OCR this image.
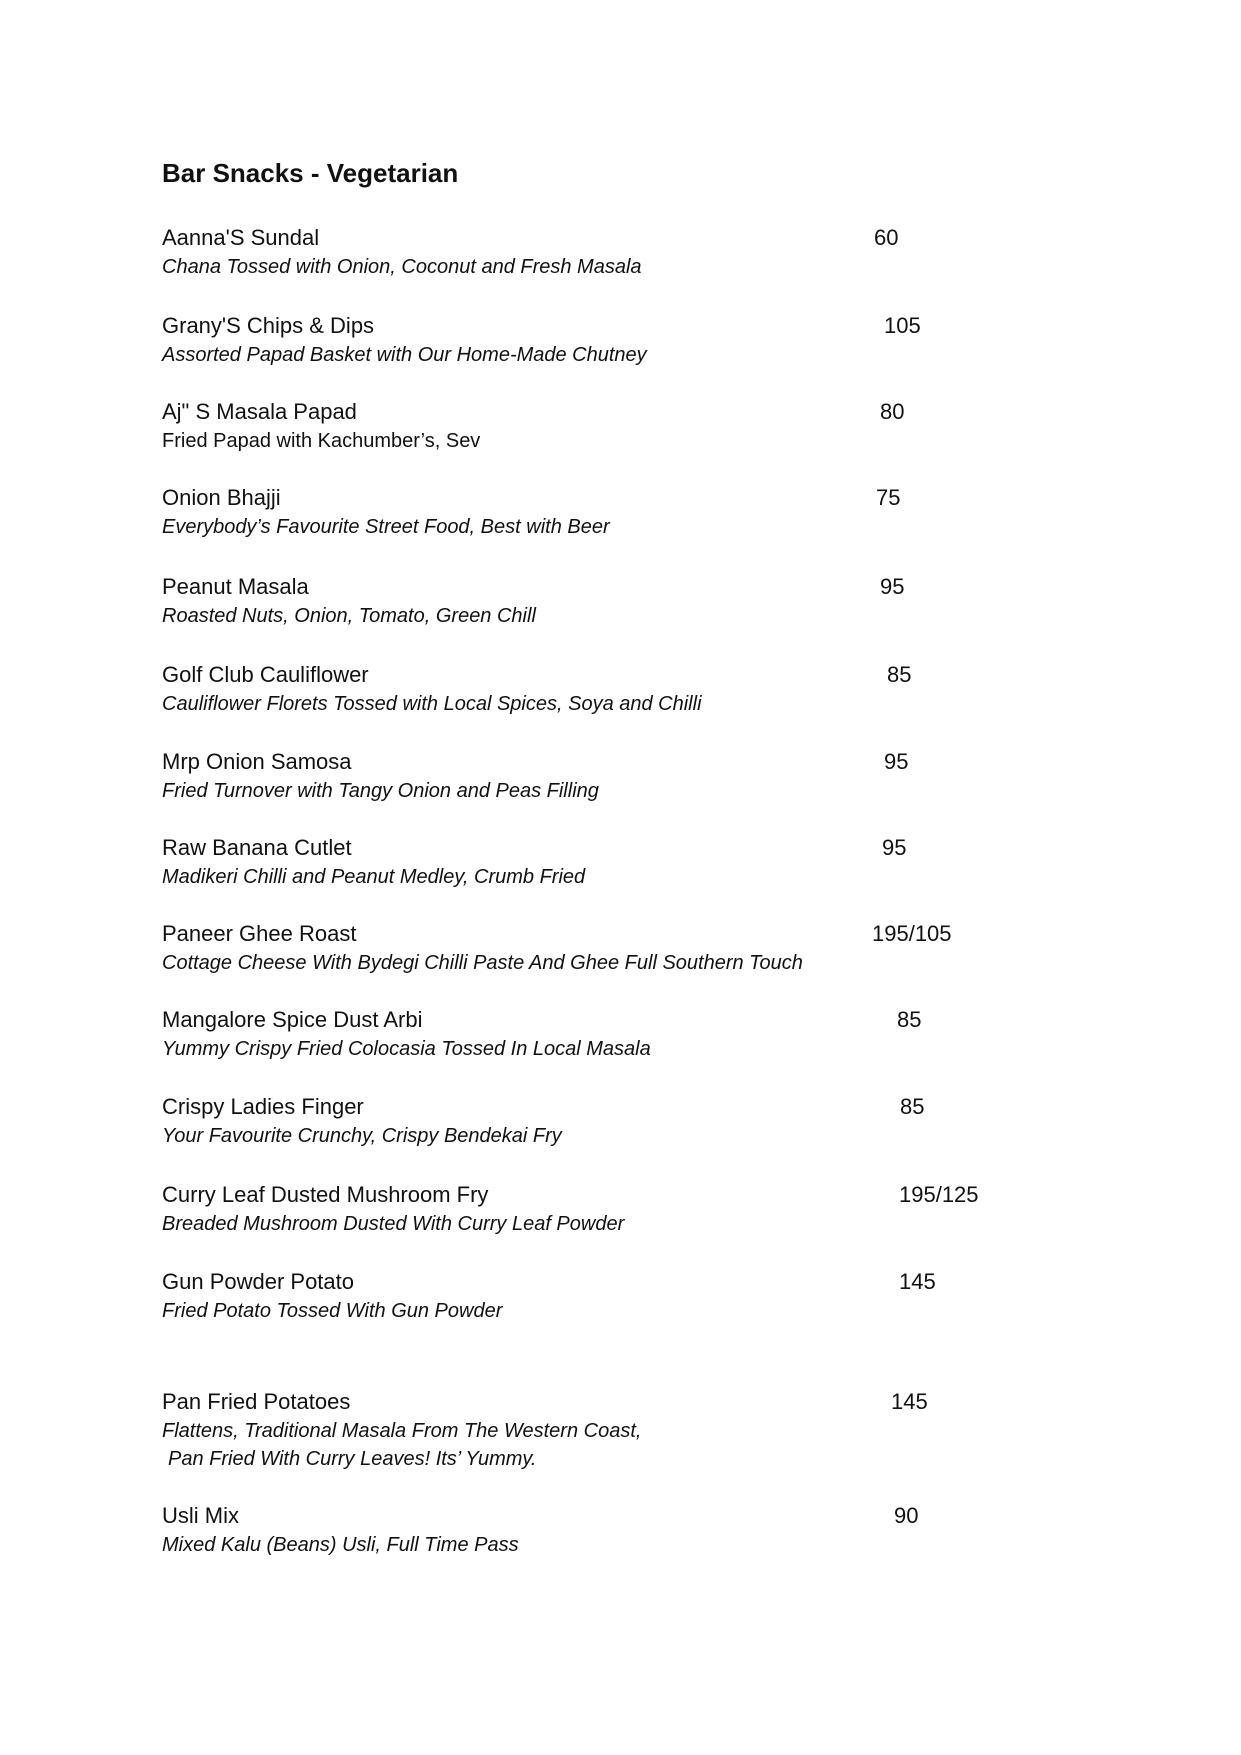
Bar Snacks - Vegetarian
Aanna'S Sundal
Chana Tossed with Onion, Coconut and Fresh Masala
60
Grany'S Chips & Dips
Assorted Papad Basket with Our Home-Made Chutney
105
Aj" S Masala Papad
Fried Papad with Kachumber’s, Sev
80
Onion Bhajji
Everybody’s Favourite Street Food, Best with Beer
75
Peanut Masala
Roasted Nuts, Onion, Tomato, Green Chill
95
Golf Club Cauliflower
Cauliflower Florets Tossed with Local Spices, Soya and Chilli
85
Mrp Onion Samosa
Fried Turnover with Tangy Onion and Peas Filling
95
Raw Banana Cutlet
Madikeri Chilli and Peanut Medley, Crumb Fried
95
Paneer Ghee Roast
Cottage Cheese With Bydegi Chilli Paste And Ghee Full Southern Touch
195/105
Mangalore Spice Dust Arbi
Yummy Crispy Fried Colocasia Tossed In Local Masala
85
Crispy Ladies Finger
Your Favourite Crunchy, Crispy Bendekai Fry
85
Curry Leaf Dusted Mushroom Fry
Breaded Mushroom Dusted With Curry Leaf Powder
195/125
Gun Powder Potato
Fried Potato Tossed With Gun Powder
145
Pan Fried Potatoes
Flattens, Traditional Masala From The Western Coast,
Pan Fried With Curry Leaves! Its’ Yummy.
145
Usli Mix
Mixed Kalu (Beans) Usli, Full Time Pass
90
